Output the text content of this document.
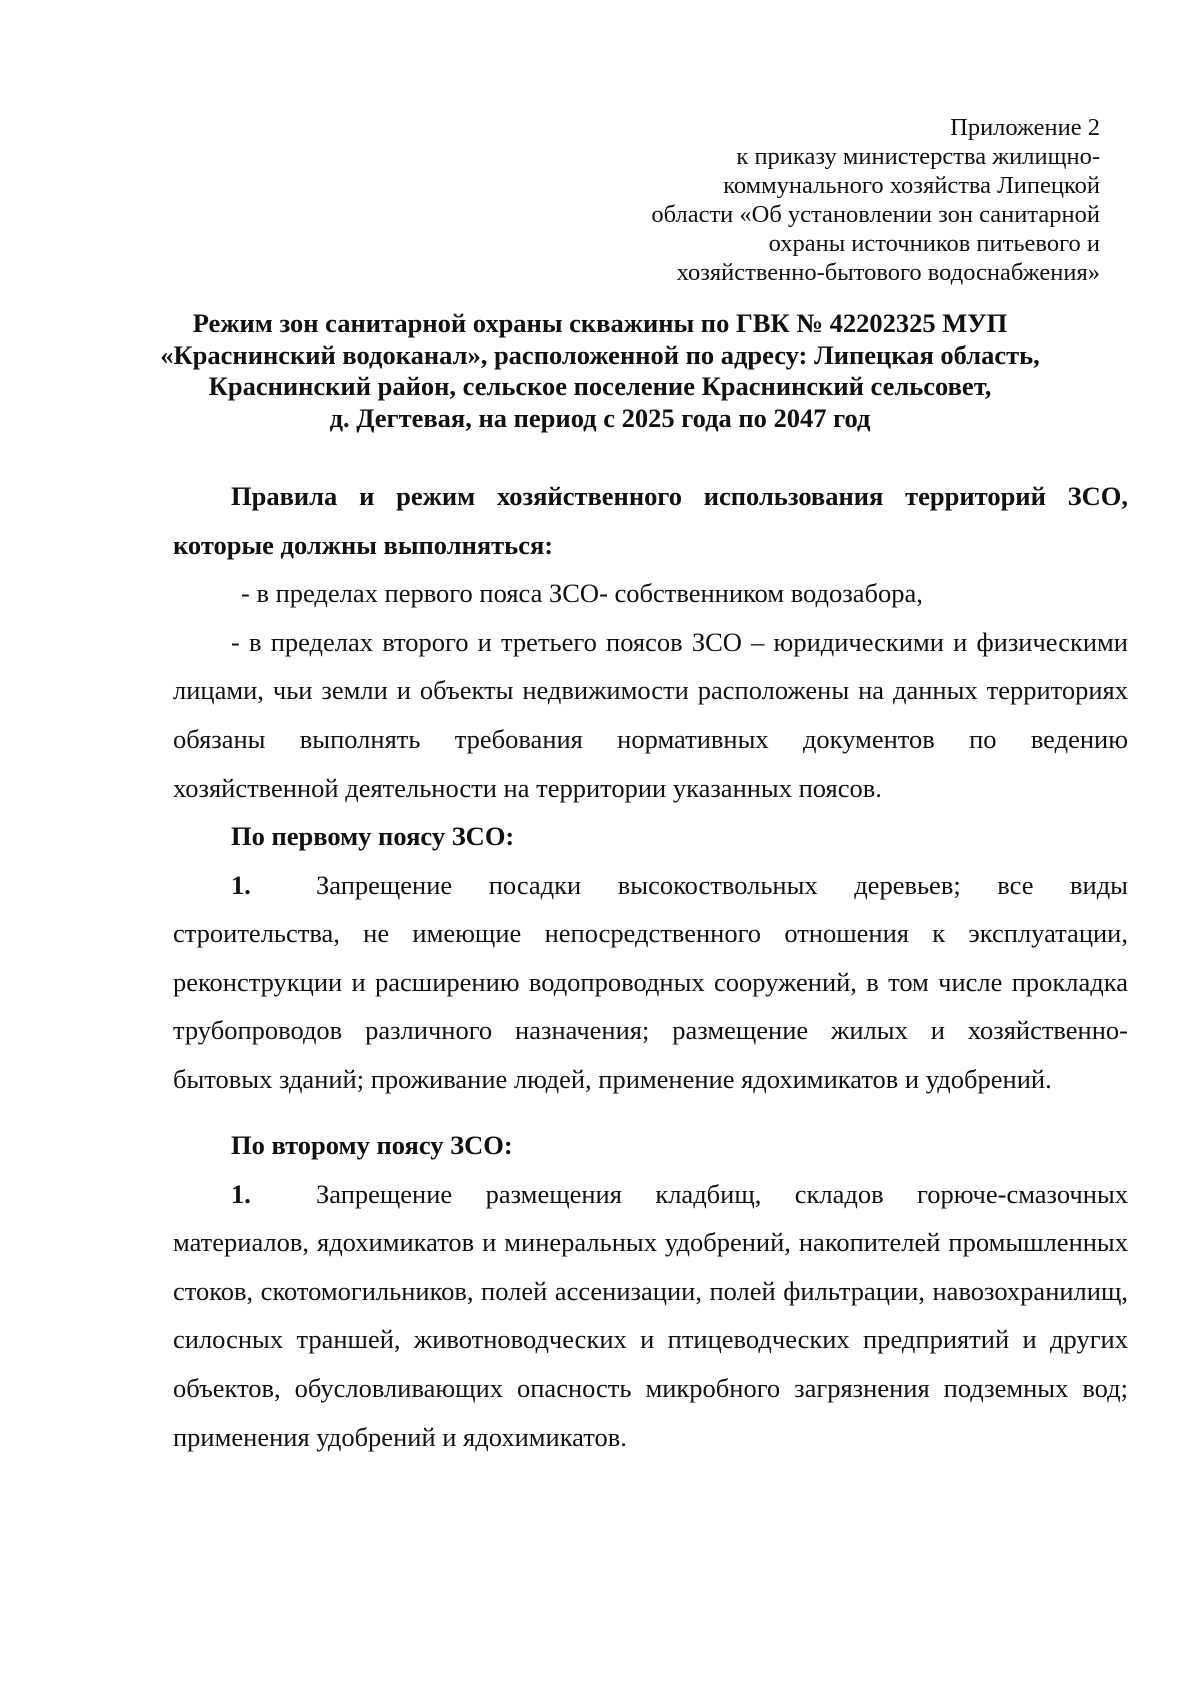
Приложение 2
к приказу министерства жилищно-
коммунального хозяйства Липецкой
области «Об установлении зон санитарной
охраны источников питьевого и
хозяйственно-бытового водоснабжения»
Режим зон санитарной охраны скважины по ГВК № 42202325 МУП
«Краснинский водоканал», расположенной по адресу: Липецкая область,
Краснинский район, сельское поселение Краснинский сельсовет,
д. Дегтевая, на период с 2025 года по 2047 год

Правила и режим хозяйственного использования территорий ЗСО, которые должны выполняться:

- в пределах первого пояса ЗСО- собственником водозабора,

- в пределах второго и третьего поясов ЗСО – юридическими и физическими лицами, чьи земли и объекты недвижимости расположены на данных территориях обязаны выполнять требования нормативных документов по ведению хозяйственной деятельности на территории указанных поясов.

По первому поясу ЗСО:

1. Запрещение посадки высокоствольных деревьев; все виды строительства, не имеющие непосредственного отношения к эксплуатации, реконструкции и расширению водопроводных сооружений, в том числе прокладка трубопроводов различного назначения; размещение жилых и хозяйственно-бытовых зданий; проживание людей, применение ядохимикатов и удобрений.

По второму поясу ЗСО:

1. Запрещение размещения кладбищ, складов горюче-смазочных материалов, ядохимикатов и минеральных удобрений, накопителей промышленных стоков, скотомогильников, полей ассенизации, полей фильтрации, навозохранилищ, силосных траншей, животноводческих и птицеводческих предприятий и других объектов, обусловливающих опасность микробного загрязнения подземных вод; применения удобрений и ядохимикатов.
